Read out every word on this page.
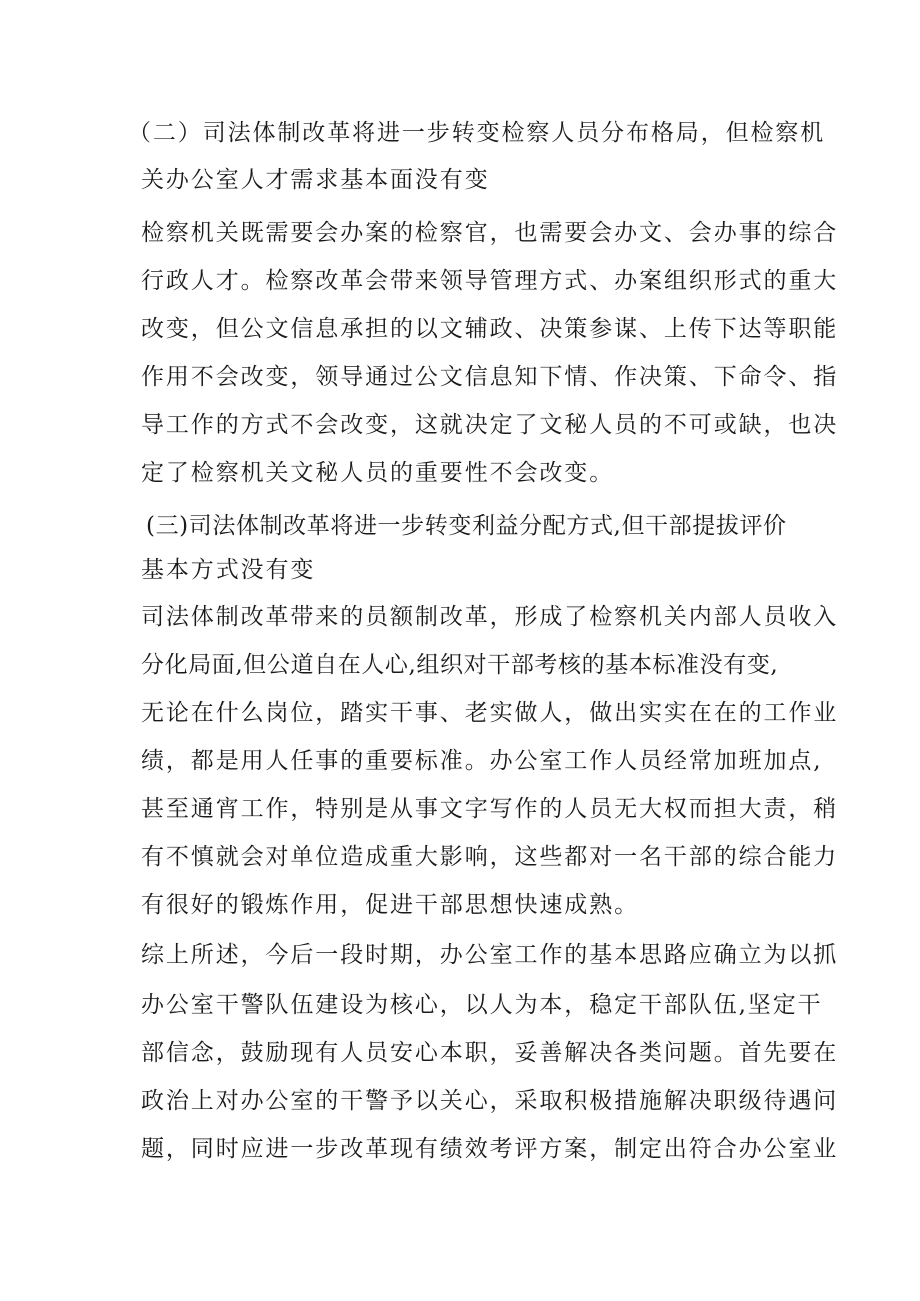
（二）司法体制改革将进一步转变检察人员分布格局，但检察机
关办公室人才需求基本面没有变
检察机关既需要会办案的检察官，也需要会办文、会办事的综合
行政人才。检察改革会带来领导管理方式、办案组织形式的重大
改变，但公文信息承担的以文辅政、决策参谋、上传下达等职能
作用不会改变，领导通过公文信息知下情、作决策、下命令、指
导工作的方式不会改变，这就决定了文秘人员的不可或缺，也决
定了检察机关文秘人员的重要性不会改变。
(三)司法体制改革将进一步转变利益分配方式,但干部提拔评价
基本方式没有变
司法体制改革带来的员额制改革，形成了检察机关内部人员收入
分化局面,但公道自在人心,组织对干部考核的基本标准没有变,
无论在什么岗位，踏实干事、老实做人，做出实实在在的工作业
绩，都是用人任事的重要标准。办公室工作人员经常加班加点,
甚至通宵工作，特别是从事文字写作的人员无大权而担大责，稍
有不慎就会对单位造成重大影响，这些都对一名干部的综合能力
有很好的锻炼作用，促进干部思想快速成熟。
综上所述，今后一段时期，办公室工作的基本思路应确立为以抓
办公室干警队伍建设为核心，以人为本，稳定干部队伍,坚定干
部信念，鼓励现有人员安心本职，妥善解决各类问题。首先要在
政治上对办公室的干警予以关心，采取积极措施解决职级待遇问
题，同时应进一步改革现有绩效考评方案，制定出符合办公室业
